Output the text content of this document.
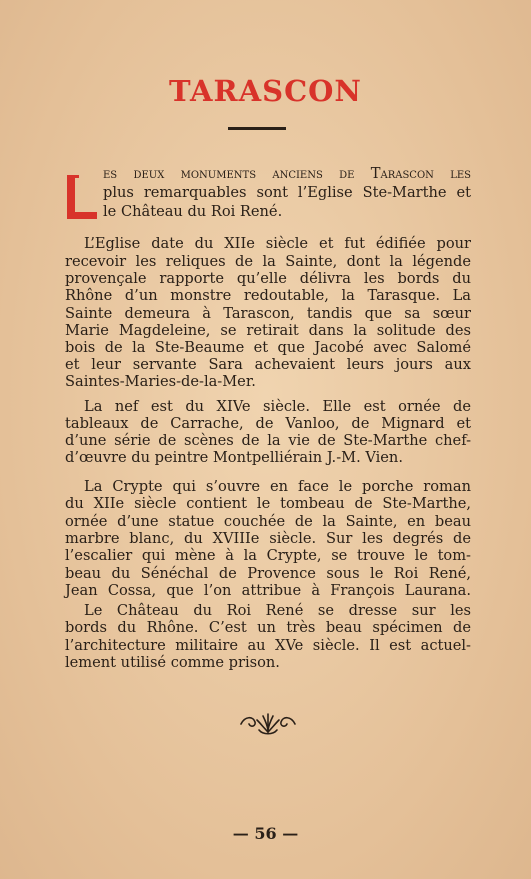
TARASCON
es deux monuments anciens de Tarascon les
plus remarquables sont l’Eglise Ste-Marthe et
le Château du Roi René.
L’Eglise date du XIIe siècle et fut édifiée pour
recevoir les reliques de la Sainte, dont la légende
provençale rapporte qu’elle délivra les bords du
Rhône d’un monstre redoutable, la Tarasque. La
Sainte demeura à Tarascon, tandis que sa sœur
Marie Magdeleine, se retirait dans la solitude des
bois de la Ste-Beaume et que Jacobé avec Salomé
et leur servante Sara achevaient leurs jours aux
Saintes-Maries-de-la-Mer.
La nef est du XIVe siècle. Elle est ornée de
tableaux de Carrache, de Vanloo, de Mignard et
d’une série de scènes de la vie de Ste-Marthe chef-
d’œuvre du peintre Montpelliérain J.-M. Vien.
La Crypte qui s’ouvre en face le porche roman
du XIIe siècle contient le tombeau de Ste-Marthe,
ornée d’une statue couchée de la Sainte, en beau
marbre blanc, du XVIIIe siècle. Sur les degrés de
l’escalier qui mène à la Crypte, se trouve le tom-
beau du Sénéchal de Provence sous le Roi René,
Jean Cossa, que l’on attribue à François Laurana.
Le Château du Roi René se dresse sur les
bords du Rhône. C’est un très beau spécimen de
l’architecture militaire au XVe siècle. Il est actuel-
lement utilisé comme prison.
— 56 —
